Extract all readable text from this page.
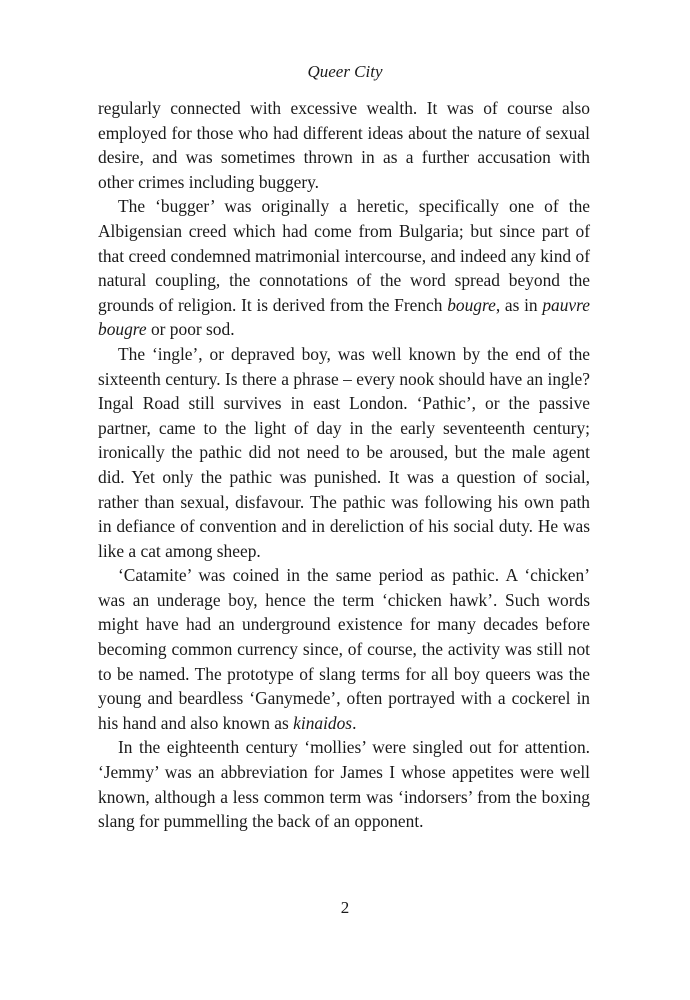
Queer City

regularly connected with excessive wealth. It was of course also employed for those who had different ideas about the nature of sexual desire, and was sometimes thrown in as a further accusation with other crimes including buggery.

The ‘bugger’ was originally a heretic, specifically one of the Albigensian creed which had come from Bulgaria; but since part of that creed condemned matrimonial intercourse, and indeed any kind of natural coupling, the connotations of the word spread beyond the grounds of religion. It is derived from the French bougre, as in pauvre bougre or poor sod.

The ‘ingle’, or depraved boy, was well known by the end of the sixteenth century. Is there a phrase – every nook should have an ingle? Ingal Road still survives in east London. ‘Pathic’, or the passive partner, came to the light of day in the early seventeenth century; ironically the pathic did not need to be aroused, but the male agent did. Yet only the pathic was punished. It was a question of social, rather than sexual, disfavour. The pathic was following his own path in defiance of convention and in dereliction of his social duty. He was like a cat among sheep.

‘Catamite’ was coined in the same period as pathic. A ‘chicken’ was an underage boy, hence the term ‘chicken hawk’. Such words might have had an underground existence for many decades before becoming common currency since, of course, the activity was still not to be named. The prototype of slang terms for all boy queers was the young and beardless ‘Ganymede’, often portrayed with a cockerel in his hand and also known as kinaidos.

In the eighteenth century ‘mollies’ were singled out for attention. ‘Jemmy’ was an abbreviation for James I whose appetites were well known, although a less common term was ‘indorsers’ from the boxing slang for pummelling the back of an opponent.

2
